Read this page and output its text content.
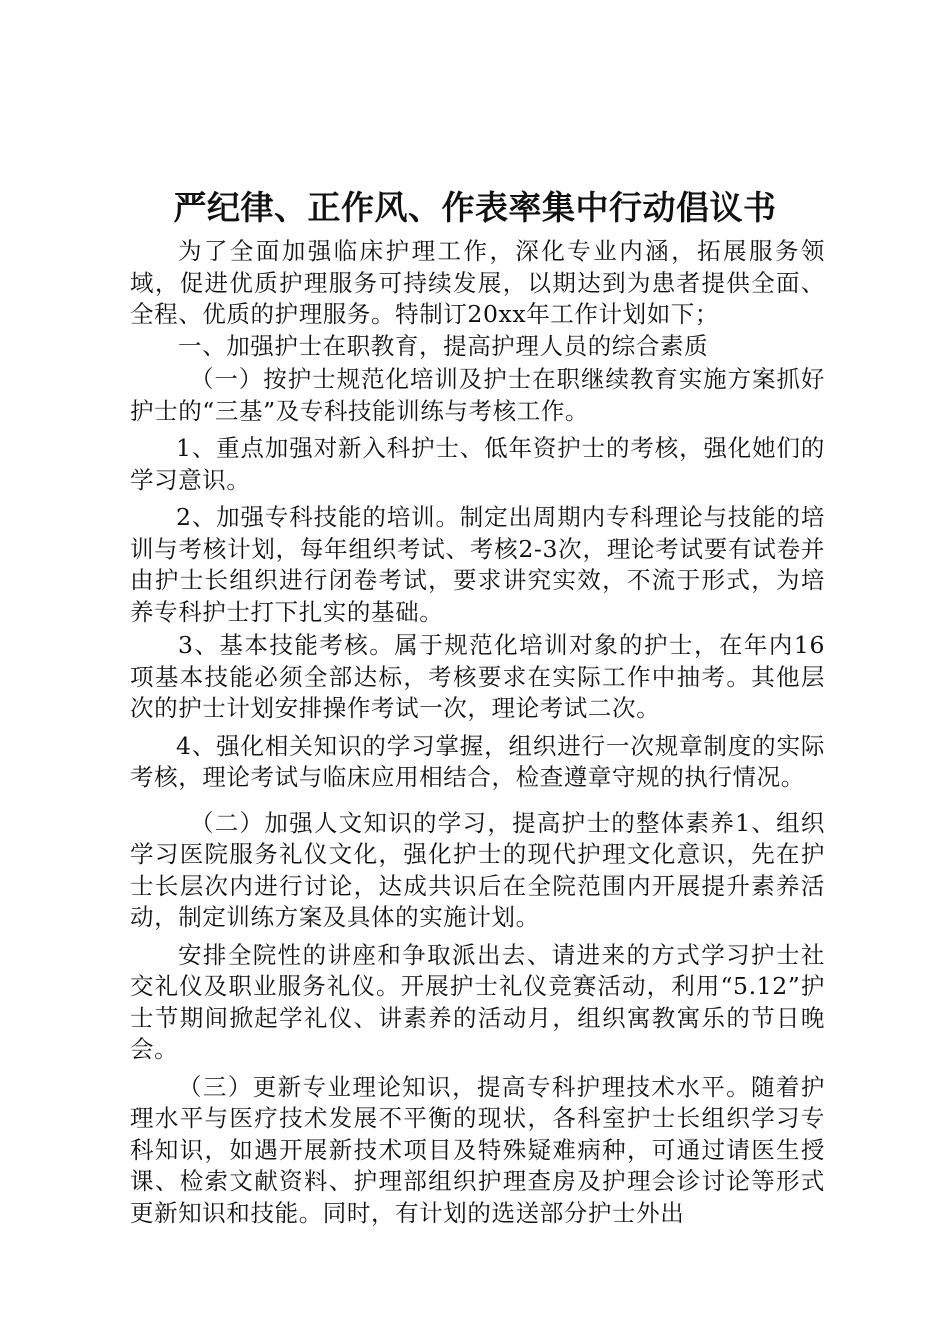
严纪律、正作风、作表率集中行动倡议书

为了全面加强临床护理工作，深化专业内涵，拓展服务领域，促进优质护理服务可持续发展，以期达到为患者提供全面、全程、优质的护理服务。特制订20xx年工作计划如下；

一、加强护士在职教育，提高护理人员的综合素质

（一）按护士规范化培训及护士在职继续教育实施方案抓好护士的“三基”及专科技能训练与考核工作。

1、重点加强对新入科护士、低年资护士的考核，强化她们的学习意识。

2、加强专科技能的培训。制定出周期内专科理论与技能的培训与考核计划，每年组织考试、考核2-3次，理论考试要有试卷并由护士长组织进行闭卷考试，要求讲究实效，不流于形式，为培养专科护士打下扎实的基础。

3、基本技能考核。属于规范化培训对象的护士，在年内16项基本技能必须全部达标，考核要求在实际工作中抽考。其他层次的护士计划安排操作考试一次，理论考试二次。

4、强化相关知识的学习掌握，组织进行一次规章制度的实际考核，理论考试与临床应用相结合，检查遵章守规的执行情况。

（二）加强人文知识的学习，提高护士的整体素养1、组织学习医院服务礼仪文化，强化护士的现代护理文化意识，先在护士长层次内进行讨论，达成共识后在全院范围内开展提升素养活动，制定训练方案及具体的实施计划。

安排全院性的讲座和争取派出去、请进来的方式学习护士社交礼仪及职业服务礼仪。开展护士礼仪竞赛活动，利用“5.12”护士节期间掀起学礼仪、讲素养的活动月，组织寓教寓乐的节日晚会。

（三）更新专业理论知识，提高专科护理技术水平。随着护理水平与医疗技术发展不平衡的现状，各科室护士长组织学习专科知识，如遇开展新技术项目及特殊疑难病种，可通过请医生授课、检索文献资料、护理部组织护理查房及护理会诊讨论等形式更新知识和技能。同时，有计划的选送部分护士外出
